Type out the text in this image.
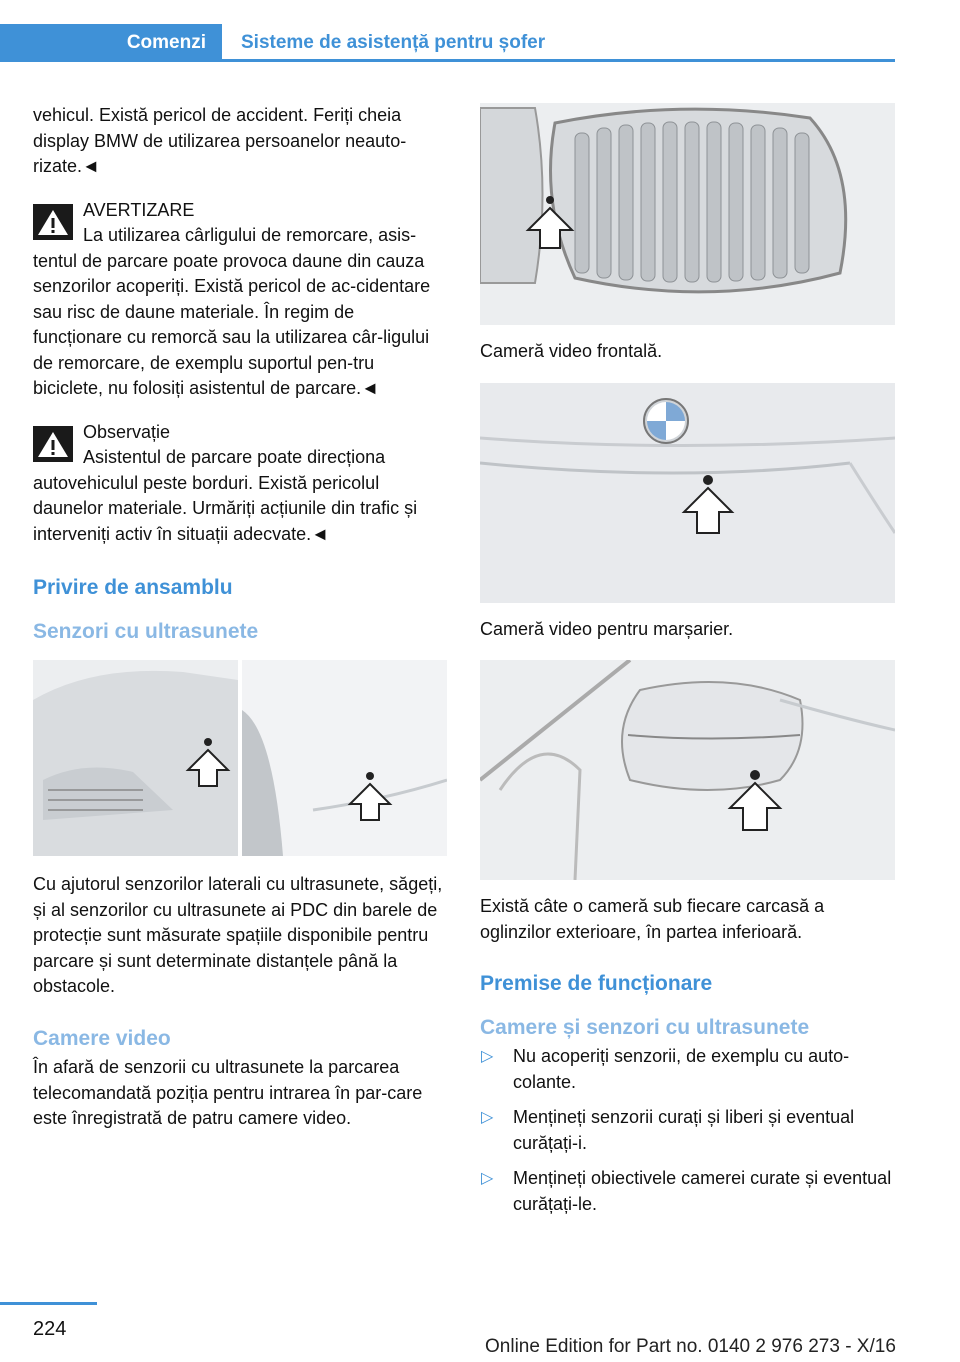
Comenzi	Sisteme de asistență pentru șofer

vehicul. Există pericol de accident. Feriți cheia display BMW de utilizarea persoanelor neauto-rizate.◄

AVERTIZARE

La utilizarea cârligului de remorcare, asis-tentul de parcare poate provoca daune din cauza senzorilor acoperiți. Există pericol de ac-cidentare sau risc de daune materiale. În regim de funcționare cu remorcă sau la utilizarea câr-ligului de remorcare, de exemplu suportul pen-tru biciclete, nu folosiți asistentul de parcare.◄

Observație

Asistentul de parcare poate direcționa autovehiculul peste borduri. Există pericolul daunelor materiale. Urmăriți acțiunile din trafic și interveniți activ în situații adecvate.◄

Privire de ansamblu
Senzori cu ultrasunete

Cu ajutorul senzorilor laterali cu ultrasunete, săgeți, și al senzorilor cu ultrasunete ai PDC din barele de protecție sunt măsurate spațiile disponibile pentru parcare și sunt determinate distanțele până la obstacole.

Camere video

În afară de senzorii cu ultrasunete la parcarea telecomandată poziția pentru intrarea în par-care este înregistrată de patru camere video.

Cameră video frontală.

Cameră video pentru marșarier.

Există câte o cameră sub fiecare carcasă a oglinzilor exterioare, în partea inferioară.

Premise de funcționare
Camere și senzori cu ultrasunete
▷ Nu acoperiți senzorii, de exemplu cu auto-colante.
▷ Mențineți senzorii curați și liberi și eventual curățați-i.
▷ Mențineți obiectivele camerei curate și eventual curățați-le.
224
Online Edition for Part no. 0140 2 976 273 - X/16
